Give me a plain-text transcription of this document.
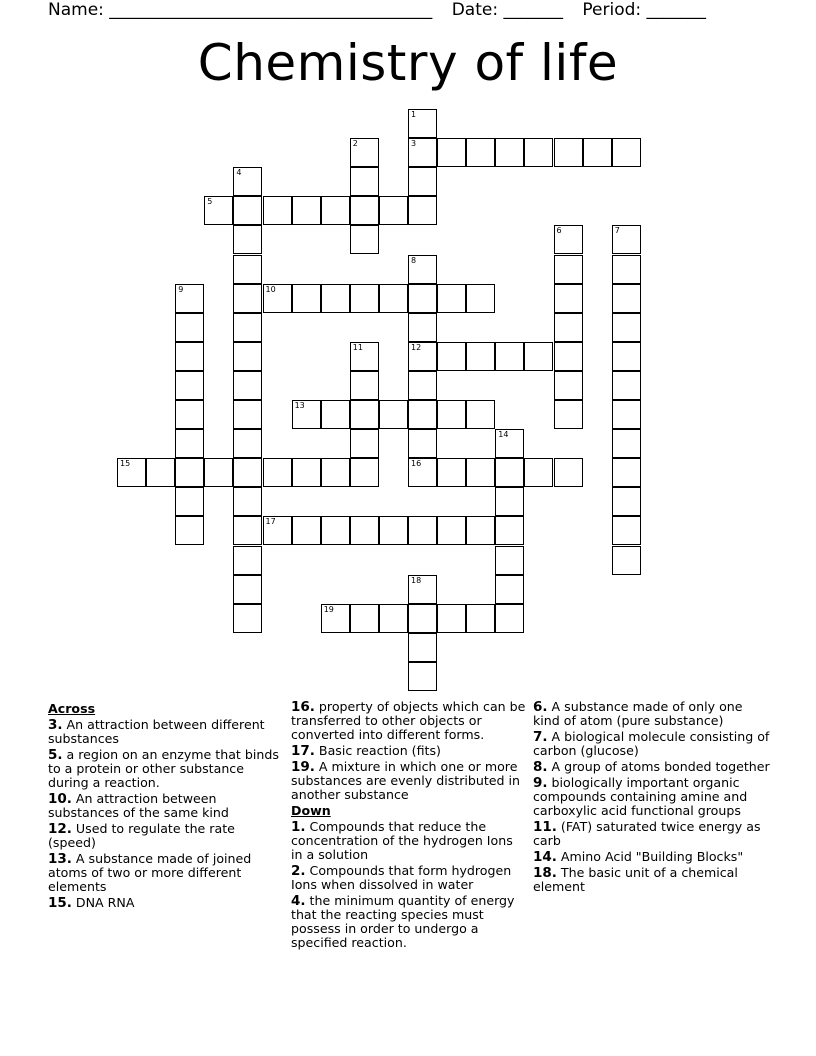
Name: ______________________________________ Date: _______ Period: _______
Chemistry of life
1
2	3
4
5
6	7
8
9	10
11	12
13
14
15	16
17
18
19
Across
3. An attraction between different substances
5. a region on an enzyme that binds to a protein or other substance during a reaction.
10. An attraction between substances of the same kind
12. Used to regulate the rate (speed)
13. A substance made of joined atoms of two or more different elements
15. DNA RNA
16. property of objects which can be transferred to other objects or converted into different forms.
17. Basic reaction (fits)
19. A mixture in which one or more substances are evenly distributed in another substance
Down
1. Compounds that reduce the concentration of the hydrogen Ions in a solution
2. Compounds that form hydrogen Ions when dissolved in water
4. the minimum quantity of energy that the reacting species must possess in order to undergo a specified reaction.
6. A substance made of only one kind of atom (pure substance)
7. A biological molecule consisting of carbon (glucose)
8. A group of atoms bonded together
9. biologically important organic compounds containing amine and carboxylic acid functional groups
11. (FAT) saturated twice energy as carb
14. Amino Acid "Building Blocks"
18. The basic unit of a chemical element
